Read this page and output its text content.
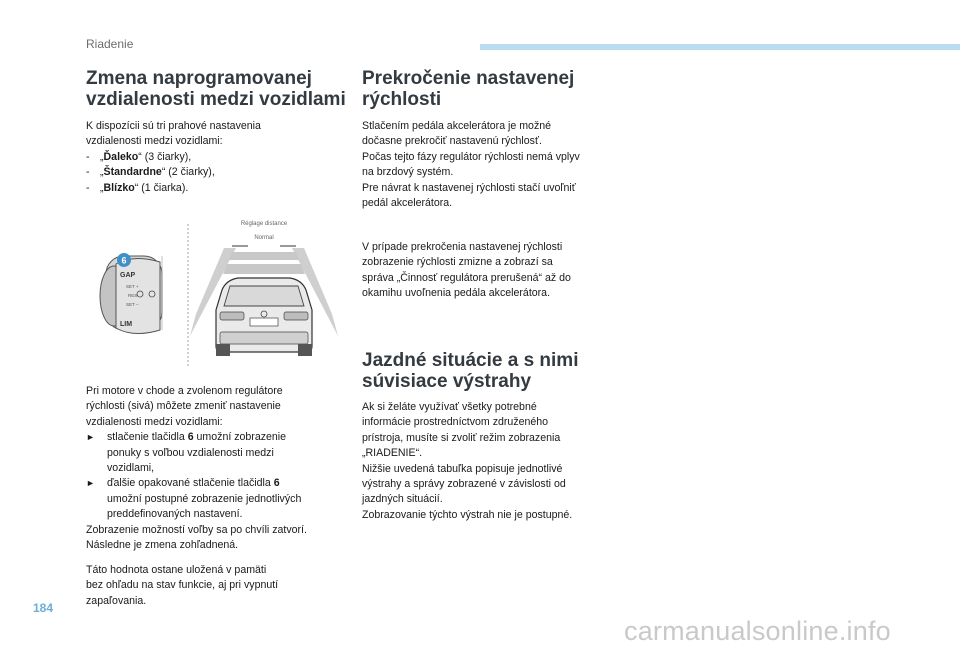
Riadenie
Zmena naprogramovanej
vzdialenosti medzi vozidlami

K dispozícii sú tri prahové nastavenia

vzdialenosti medzi vozidlami:

- „Ďaleko“ (3 čiarky),
- „Štandardne“ (2 čiarky),
- „Blízko“ (1 čiarka).
GAP
SET +
RES
SET –
LIM
6
Réglage distance
Normal

Pri motore v chode a zvolenom regulátore

rýchlosti (sivá) môžete zmeniť nastavenie

vzdialenosti medzi vozidlami:

► stlačenie tlačidla 6 umožní zobrazenie
ponuky s voľbou vzdialenosti medzi
vozidlami,
► ďalšie opakované stlačenie tlačidla 6
umožní postupné zobrazenie jednotlivých
preddefinovaných nastavení.

Zobrazenie možností voľby sa po chvíli zatvorí.

Následne je zmena zohľadnená.

Táto hodnota ostane uložená v pamäti

bez ohľadu na stav funkcie, aj pri vypnutí

zapaľovania.

Prekročenie nastavenej
rýchlosti

Stlačením pedála akcelerátora je možné

dočasne prekročiť nastavenú rýchlosť.

Počas tejto fázy regulátor rýchlosti nemá vplyv

na brzdový systém.

Pre návrat k nastavenej rýchlosti stačí uvoľniť

pedál akcelerátora.

V prípade prekročenia nastavenej rýchlosti

zobrazenie rýchlosti zmizne a zobrazí sa

správa „Činnosť regulátora prerušená“ až do

okamihu uvoľnenia pedála akcelerátora.

Jazdné situácie a s nimi
súvisiace výstrahy

Ak si želáte využívať všetky potrebné

informácie prostredníctvom združeného

prístroja, musíte si zvoliť režim zobrazenia

„RIADENIE“.

Nižšie uvedená tabuľka popisuje jednotlivé

výstrahy a správy zobrazené v závislosti od

jazdných situácií.

Zobrazovanie týchto výstrah nie je postupné.

184
carmanualsonline.info
